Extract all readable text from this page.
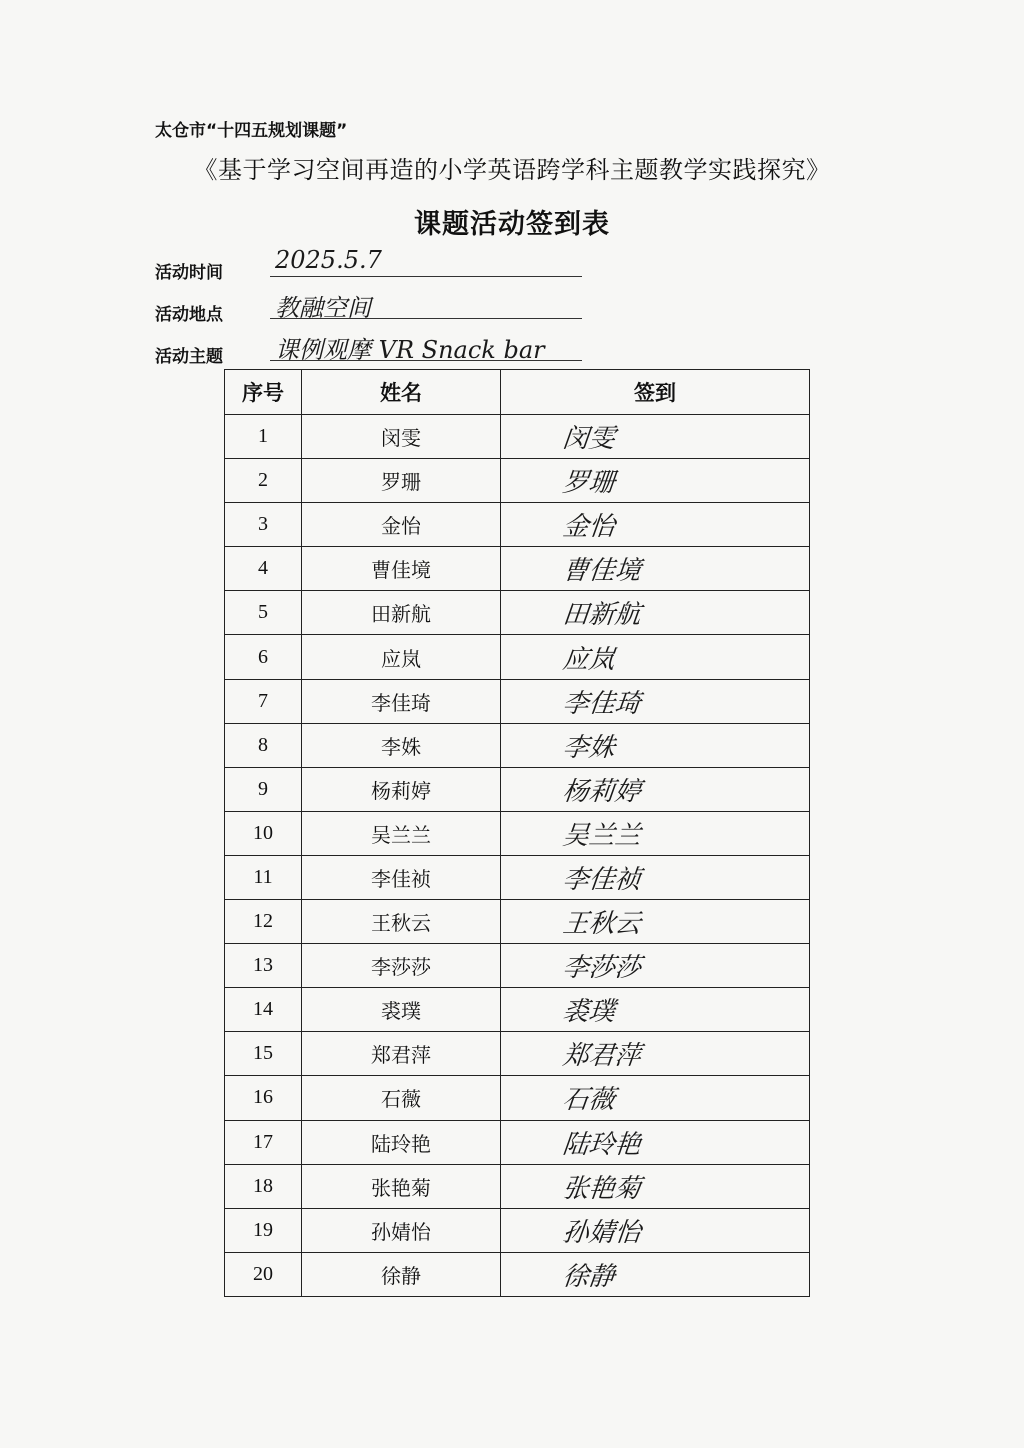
太仓市“十四五规划课题”
《基于学习空间再造的小学英语跨学科主题教学实践探究》
课题活动签到表
活动时间 2025.5.7
活动地点 教融空间
活动主题 课例观摩 VR Snack bar
序号	姓名	签到
1	闵雯	闵雯
2	罗珊	罗珊
3	金怡	金怡
4	曹佳境	曹佳境
5	田新航	田新航
6	应岚	应岚
7	李佳琦	李佳琦
8	李姝	李姝
9	杨莉婷	杨莉婷
10	吴兰兰	吴兰兰
11	李佳祯	李佳祯
12	王秋云	王秋云
13	李莎莎	李莎莎
14	裘璞	裘璞
15	郑君萍	郑君萍
16	石薇	石薇
17	陆玲艳	陆玲艳
18	张艳菊	张艳菊
19	孙婧怡	孙婧怡
20	徐静	徐静
